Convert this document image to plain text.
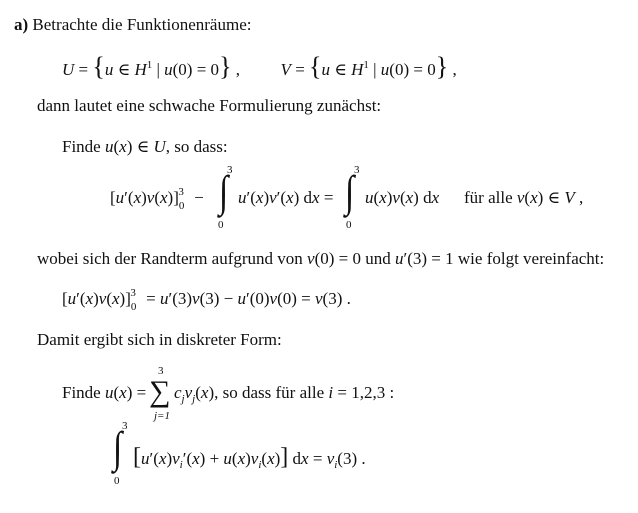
a) Betrachte die Funktionenräume:
U = {u ∈ $H^1$ | u(0) = 0} ,  V = {u ∈ $H^1$ | u(0) = 0} ,
dann lautet eine schwache Formulierung zunächst:
Finde u(x) ∈ U, so dass:
$[u'(x)v(x)]_0^3$ −
3
∫
0
u′(x)v′(x) dx =
3
∫
0
u(x)v(x) dx für alle v(x) ∈ V ,
wobei sich der Randterm aufgrund von v(0) = 0 und u′(3) = 1 wie folgt vereinfacht:
$[u'(x)v(x)]_0^3 = u'(3)v(3) - u'(0)v(0) = v(3)$ .
Damit ergibt sich in diskreter Form:
Finde u(x) =
3
∑
j=1
$c_jv_j(x)$, so dass für alle i = 1,2,3 :
3
∫
0
$[u'(x)v_i'(x) + u(x)v_i(x)]$ dx = $v_i(3)$ .
